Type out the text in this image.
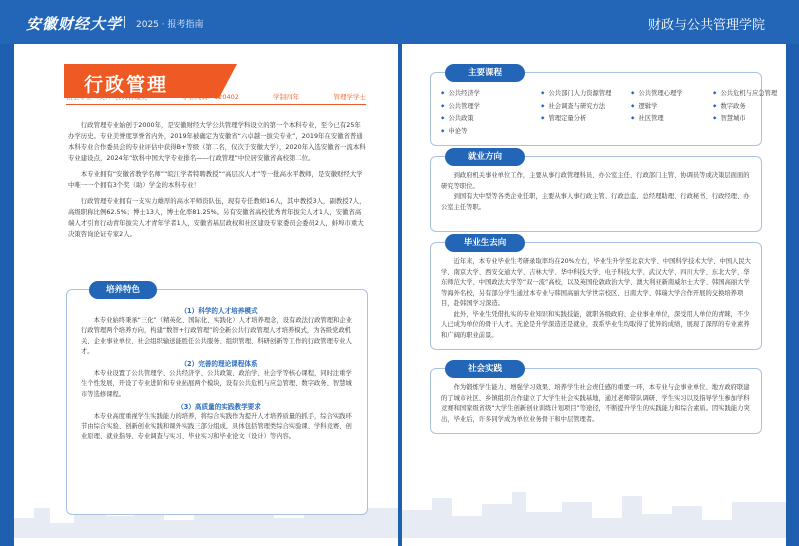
安徽财经大学 2025 · 报考指南	财政与公共管理学院
行政管理
招生专业（类）：公共管理类	专业代码：120402	学制四年	管理学学士

行政管理专业始创于2000年，是安徽财经大学公共管理学科设立的第一个本科专业，至今已有25年办学历史。专业美誉度享誉省内外，2019年被确定为安徽省“六卓越一拔尖专业”，2019年在安徽省普通本科专业合作委员会的专业评估中获得B+等级（第二名，仅次于安徽大学），2020年入选安徽省一流本科专业建设点，2024年“软科中国大学专业排名——行政管理”中位居安徽省高校第二位。

本专业拥有“安徽省教学名师”“皖江学者特聘教授”“高层次人才”等一批高水平教师，是安徽财经大学中唯一一个拥有3个奖（助）学金的本科专业！

行政管理专业拥有一支实力雄厚的高水平师资队伍，现有专任教师16人，其中教授3人，副教授7人，高级职称比例62.5%；博士13人，博士化率81.25%。另有安徽省高校优秀青年拔尖人才1人，安徽省高端人才引育行动青年拔尖人才青年学者1人，安徽省基层政权和社区建设专家委员会委员2人，蚌埠市重大决策咨询论证专家2人。

培养特色
（1）科学的人才培养模式

本专业始终秉承“三化”（精英化、国际化、实践化）人才培养理念，设有政法行政管理和企业行政管理两个培养方向，构建“数智+行政管理”的全新公共行政管理人才培养模式，为各级党政机关、企业事业单位、社会组织输送能胜任公共服务、组织管理、科研创新等工作的行政管理专业人才。

（2）完善的理论课程体系

本专业设置了公共管理学、公共经济学、公共政策、政治学、社会学等核心课程，同时注重学生个性发展，开设了专业进阶和专业拓展两个模块，设有公共危机与应急管理、数字政务、智慧城市等选修课程。

（3）高质量的实践教学要求

本专业高度重视学生实践能力的培养，将综合实践作为提升人才培养质量的抓手，综合实践环节由综合实验、创新创业实践和课外实践三部分组成，具体包括管理类综合实验课、学科竞赛、创业原理、就业指导、专业调查与实习、毕业实习和毕业论文（设计）等内容。

主要课程
◆ 公共经济学	◆ 公共部门人力资源管理	◆ 公共管理心理学	◆ 公共危机与应急管理
◆ 公共管理学	◆ 社会调查与研究方法	◆ 逻辑学	◆ 数字政务
◆ 公共政策	◆ 管理定量分析	◆ 社区管理	◆ 智慧城市
◆ 申论等
就业方向

到政府机关事业单位工作，主要从事行政管理科员、办公室主任、行政部门主管、协调员等或决策层面面的研究等职位。

到国有大中型等各类企业任职，主要从事人事行政主管、行政总监、总经理助理、行政秘书、行政经理、办公室主任等职。

毕业生去向

近年来，本专业毕业生考研录取率均在20%左右，毕业生升学至北京大学、中国科学技术大学、中国人民大学、南京大学、西安交通大学、吉林大学、华中科技大学、电子科技大学、武汉大学、四川大学、东北大学、华东师范大学、中国政法大学等“双一流”高校，以及英国伦敦政治大学、澳大利亚新南威尔士大学、韩国高丽大学等海外名校，另有部分学生通过本专业与韩国高丽大学世宗校区、日南大学、韩瑞大学合作开展的交换培养项目，赴韩国学习深造。

此外，毕业生凭借扎实的专业知识和实践技能，就职各级政府、企业事业单位，深受用人单位的青睐，不少人已成为单位的骨干人才。无论是升学深造还是就业，我系毕业生均取得了优异的成绩，展现了深厚的专业素养和广阔的职业前景。

社会实践

作为锻炼学生能力、增强学习效果、培养学生社会责任感的重要一环，本专业与企事业单位、地方政府联建的了城市社区、乡镇组织合作建立了大学生社会实践基地，通过老师带队调研、学生实习以及指导学生参加学科竞赛和国家级省级“大学生创新创业训练计划项目”等途径，不断提升学生的实践能力和综合素质。因实践能力突出，毕业后，许多同学成为单位业务骨干和中层管理者。
